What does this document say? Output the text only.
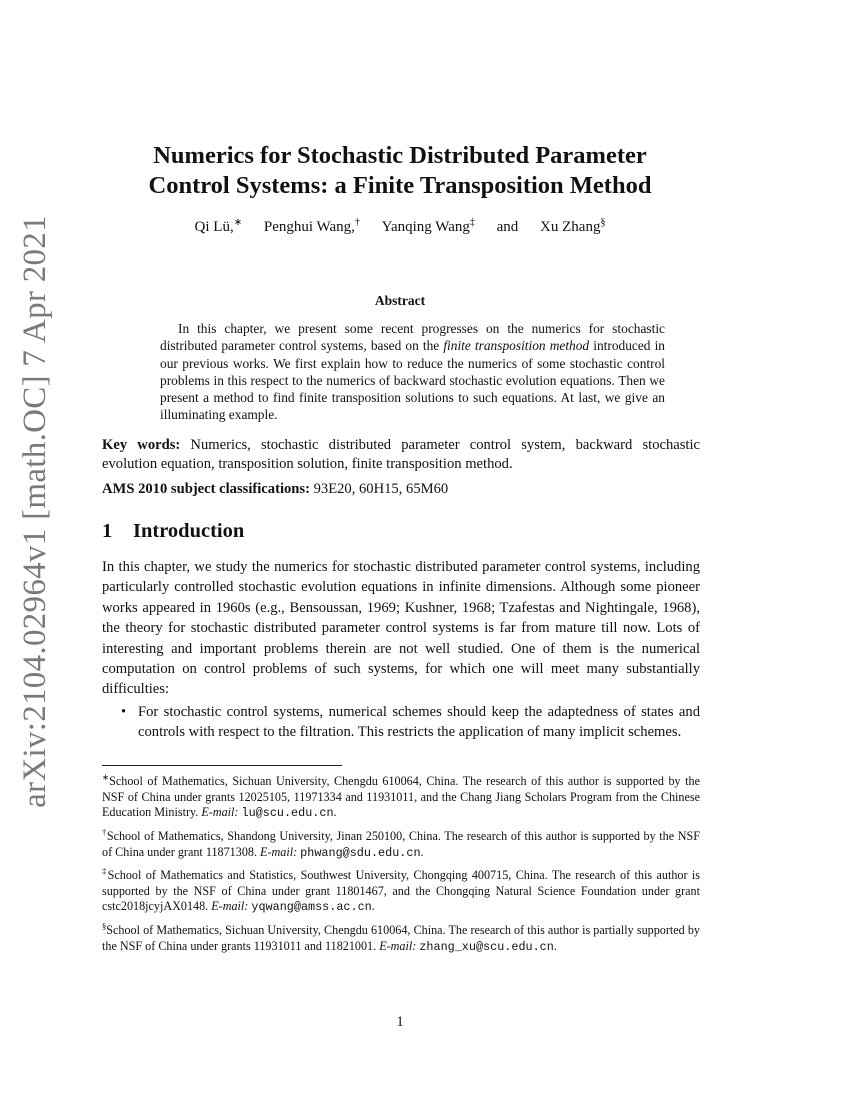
arXiv:2104.02964v1 [math.OC] 7 Apr 2021
Numerics for Stochastic Distributed Parameter
Control Systems: a Finite Transposition Method
Qi Lü,∗ Penghui Wang,† Yanqing Wang‡ and Xu Zhang§
Abstract
In this chapter, we present some recent progresses on the numerics for stochastic distributed parameter control systems, based on the finite transposition method introduced in our previous works. We first explain how to reduce the numerics of some stochastic control problems in this respect to the numerics of backward stochastic evolution equations. Then we present a method to find finite transposition solutions to such equations. At last, we give an illuminating example.
Key words: Numerics, stochastic distributed parameter control system, backward stochastic evolution equation, transposition solution, finite transposition method.
AMS 2010 subject classifications: 93E20, 60H15, 65M60
1 Introduction
In this chapter, we study the numerics for stochastic distributed parameter control systems, including particularly controlled stochastic evolution equations in infinite dimensions. Although some pioneer works appeared in 1960s (e.g., Bensoussan, 1969; Kushner, 1968; Tzafestas and Nightingale, 1968), the theory for stochastic distributed parameter control systems is far from mature till now. Lots of interesting and important problems therein are not well studied. One of them is the numerical computation on control problems of such systems, for which one will meet many substantially difficulties:
• For stochastic control systems, numerical schemes should keep the adaptedness of states and controls with respect to the filtration. This restricts the application of many implicit schemes.
∗School of Mathematics, Sichuan University, Chengdu 610064, China. The research of this author is supported by the NSF of China under grants 12025105, 11971334 and 11931011, and the Chang Jiang Scholars Program from the Chinese Education Ministry. E-mail: lu@scu.edu.cn.
†School of Mathematics, Shandong University, Jinan 250100, China. The research of this author is supported by the NSF of China under grant 11871308. E-mail: phwang@sdu.edu.cn.
‡School of Mathematics and Statistics, Southwest University, Chongqing 400715, China. The research of this author is supported by the NSF of China under grant 11801467, and the Chongqing Natural Science Foundation under grant cstc2018jcyjAX0148. E-mail: yqwang@amss.ac.cn.
§School of Mathematics, Sichuan University, Chengdu 610064, China. The research of this author is partially supported by the NSF of China under grants 11931011 and 11821001. E-mail: zhang_xu@scu.edu.cn.
1
